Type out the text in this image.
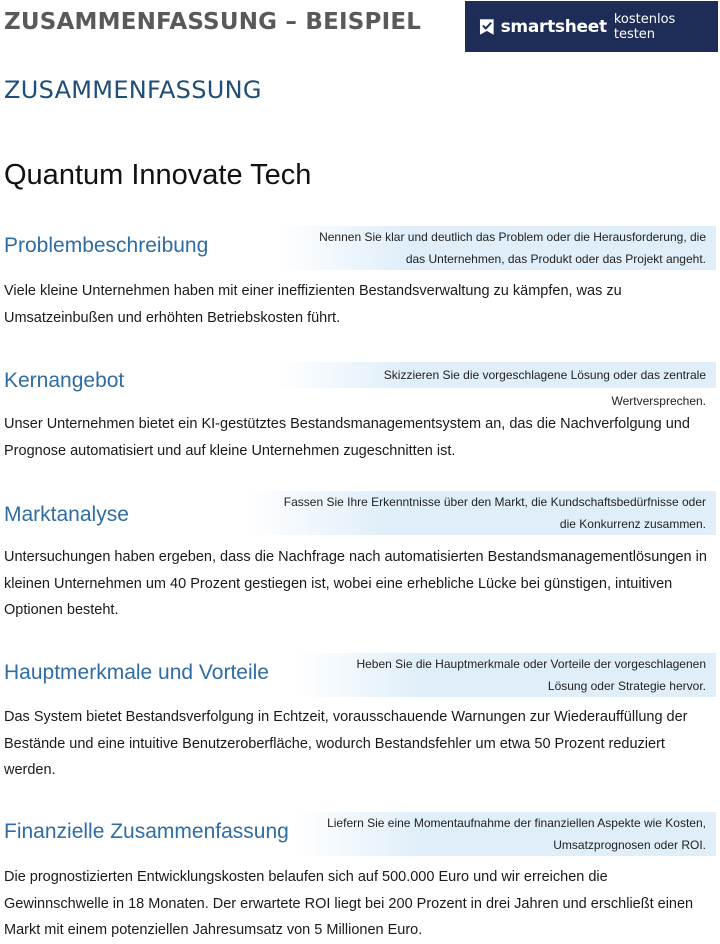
ZUSAMMENFASSUNG – BEISPIEL	smartsheet kostenlos testen
ZUSAMMENFASSUNG
Quantum Innovate Tech
Problembeschreibung	Nennen Sie klar und deutlich das Problem oder die Herausforderung, die das Unternehmen, das Produkt oder das Projekt angeht.

Viele kleine Unternehmen haben mit einer ineffizienten Bestandsverwaltung zu kämpfen, was zu Umsatzeinbußen und erhöhten Betriebskosten führt.

Kernangebot	Skizzieren Sie die vorgeschlagene Lösung oder das zentrale Wertversprechen.

Unser Unternehmen bietet ein KI-gestütztes Bestandsmanagementsystem an, das die Nachverfolgung und Prognose automatisiert und auf kleine Unternehmen zugeschnitten ist.

Marktanalyse
Fassen Sie Ihre Erkenntnisse über den Markt, die Kundschaftsbedürfnisse oder die Konkurrenz zusammen.

Untersuchungen haben ergeben, dass die Nachfrage nach automatisierten Bestandsmanagementlösungen in kleinen Unternehmen um 40 Prozent gestiegen ist, wobei eine erhebliche Lücke bei günstigen, intuitiven Optionen besteht.

Hauptmerkmale und Vorteile	Heben Sie die Hauptmerkmale oder Vorteile der vorgeschlagenen Lösung oder Strategie hervor.

Das System bietet Bestandsverfolgung in Echtzeit, vorausschauende Warnungen zur Wiederauffüllung der Bestände und eine intuitive Benutzeroberfläche, wodurch Bestandsfehler um etwa 50 Prozent reduziert werden.

Finanzielle Zusammenfassung	Liefern Sie eine Momentaufnahme der finanziellen Aspekte wie Kosten, Umsatzprognosen oder ROI.

Die prognostizierten Entwicklungskosten belaufen sich auf 500.000 Euro und wir erreichen die Gewinnschwelle in 18 Monaten. Der erwartete ROI liegt bei 200 Prozent in drei Jahren und erschließt einen Markt mit einem potenziellen Jahresumsatz von 5 Millionen Euro.
